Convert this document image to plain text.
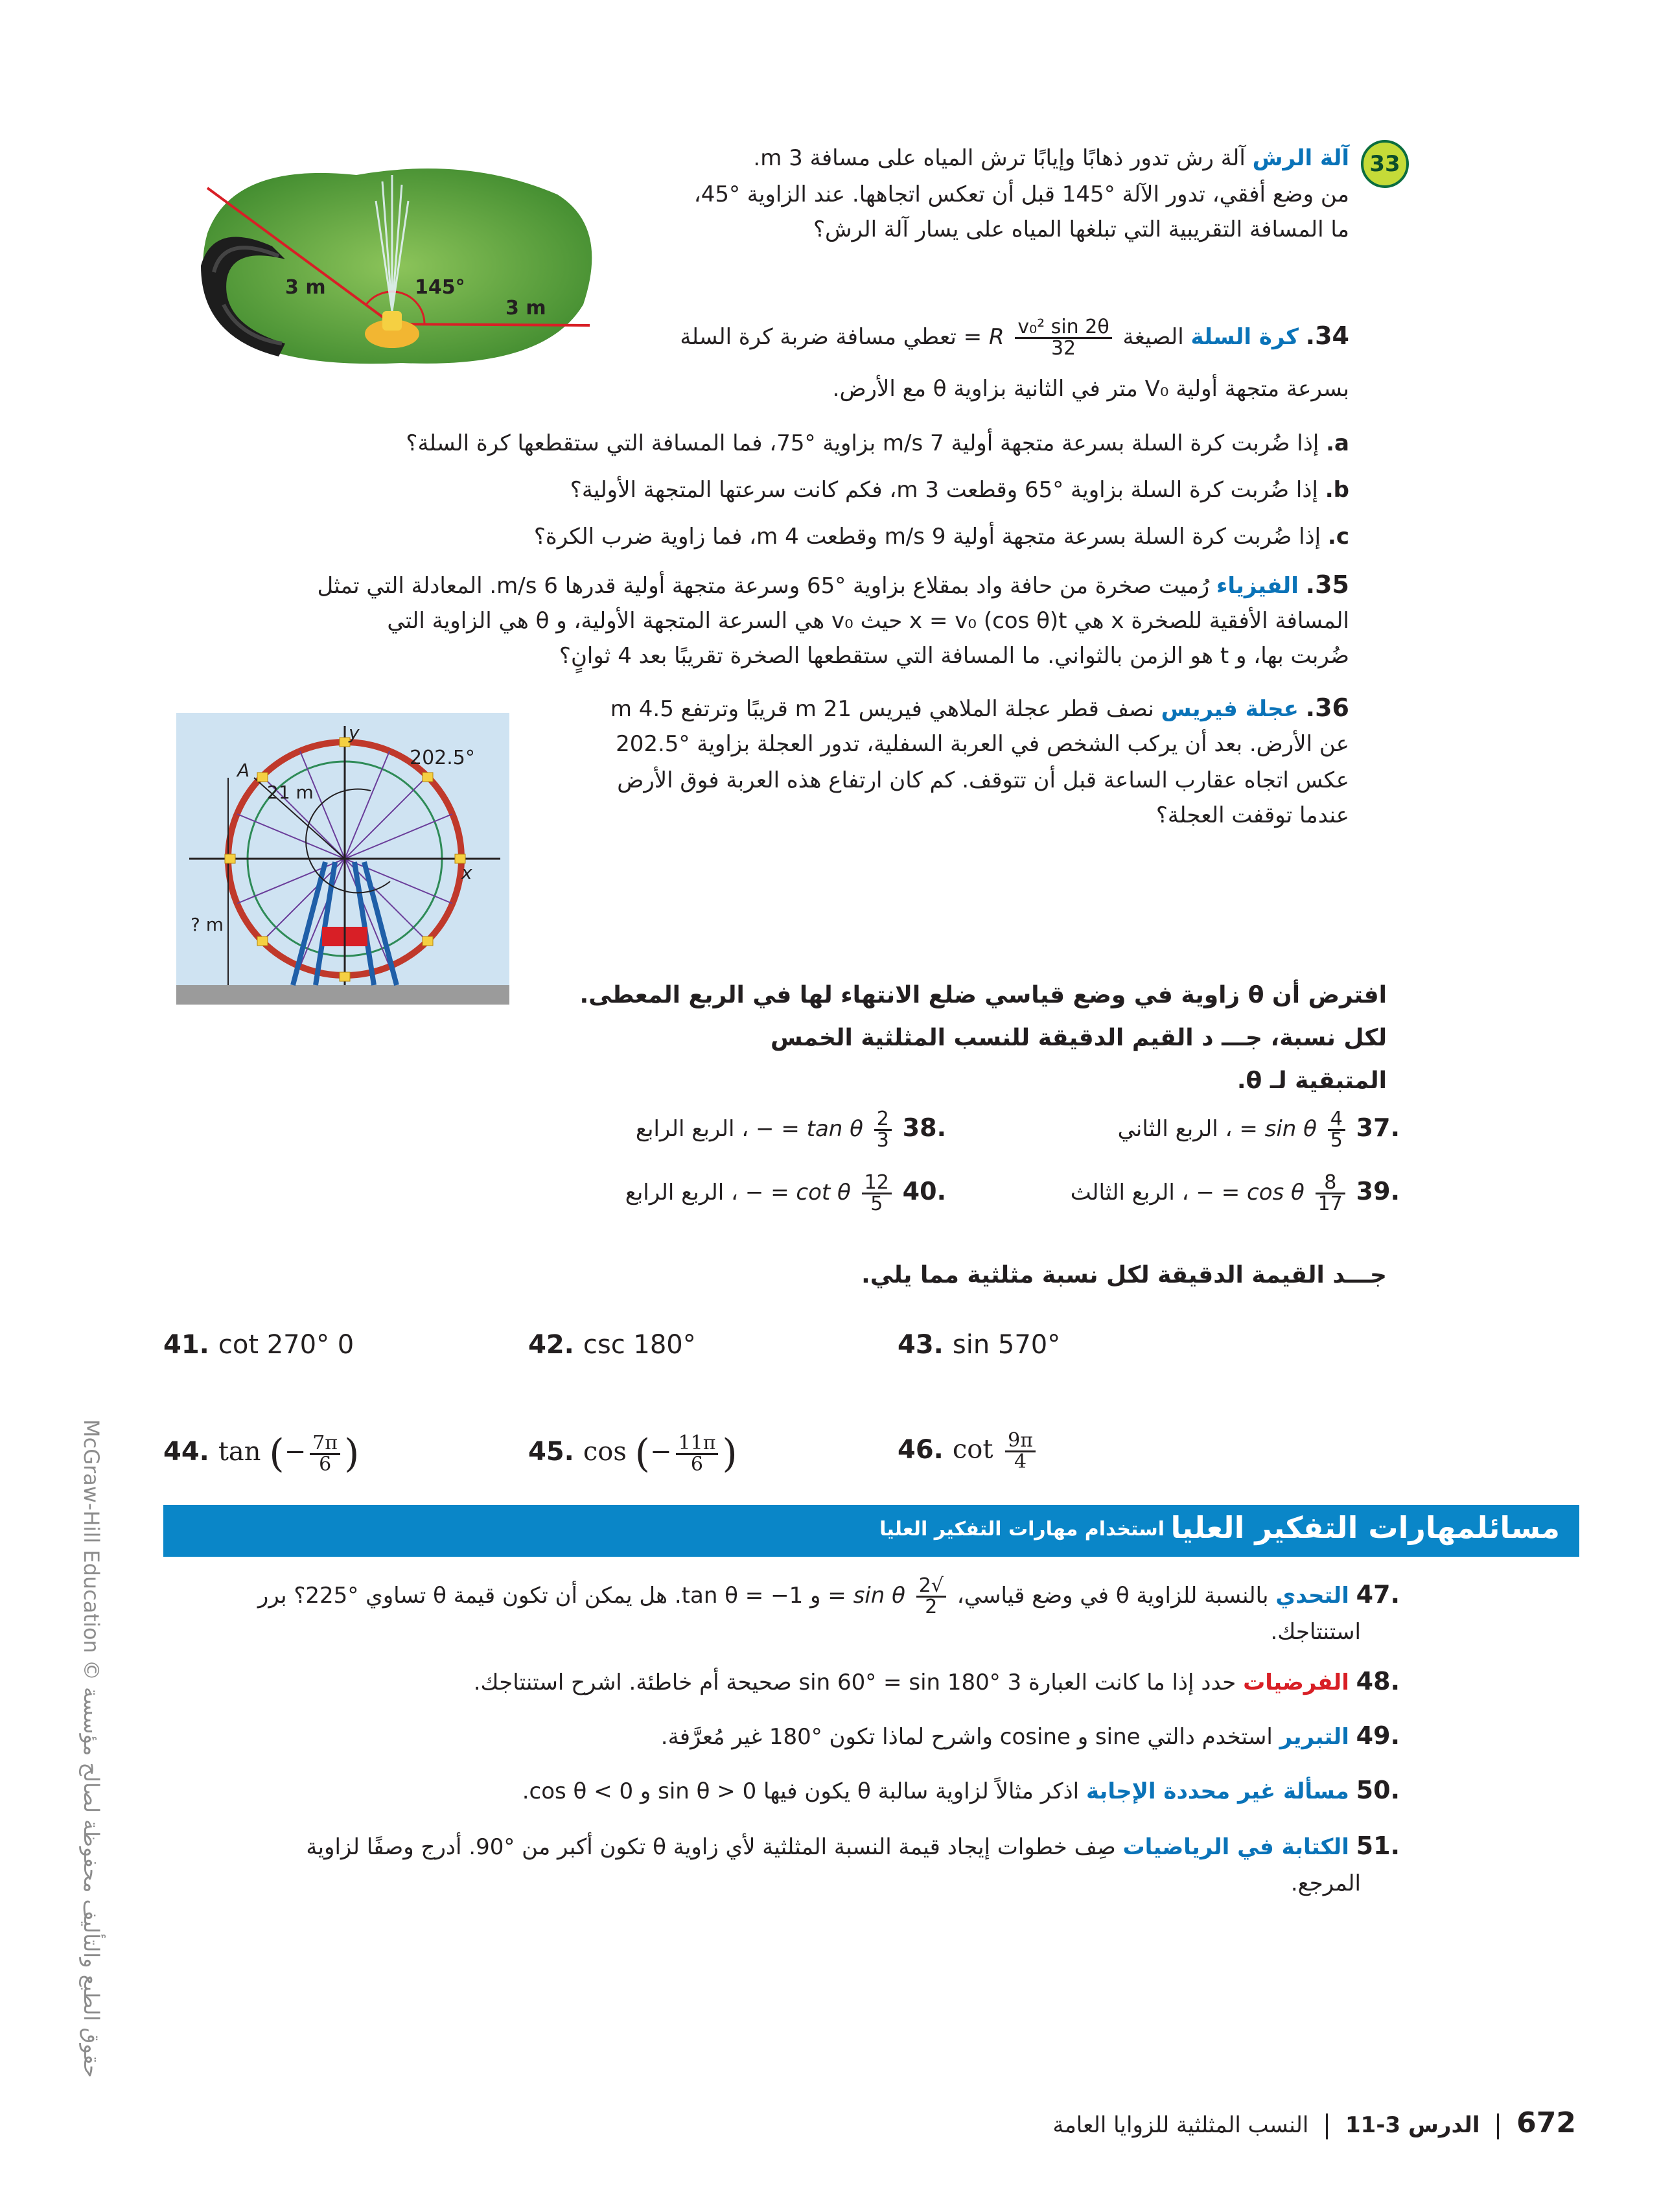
33
آلة الرش آلة رش تدور ذهابًا وإيابًا ترش المياه على مسافة 3 m.
من وضع أفقي، تدور الآلة °145 قبل أن تعكس اتجاهها. عند الزاوية °45،
ما المسافة التقريبية التي تبلغها المياه على يسار آلة الرش؟
3 m	145°
3 m
34. كرة السلة الصيغة
$\frac{\text{v₀² sin 2θ}}{32}$
R = تعطي مسافة ضربة كرة السلة
بسرعة متجهة أولية V₀ متر في الثانية بزاوية θ مع الأرض.
a. إذا ضُربت كرة السلة بسرعة متجهة أولية 7 m/s بزاوية °75، فما المسافة التي ستقطعها كرة السلة؟
b. إذا ضُربت كرة السلة بزاوية °65 وقطعت 3 m، فكم كانت سرعتها المتجهة الأولية؟
c. إذا ضُربت كرة السلة بسرعة متجهة أولية 9 m/s وقطعت 4 m، فما زاوية ضرب الكرة؟
35. الفيزياء رُميت صخرة من حافة واد بمقلاع بزاوية °65 وسرعة متجهة أولية قدرها 6 m/s. المعادلة التي تمثل
المسافة الأفقية للصخرة x هي x = v₀ (cos θ)t حيث v₀ هي السرعة المتجهة الأولية، و θ هي الزاوية التي
ضُربت بها، و t هو الزمن بالثواني. ما المسافة التي ستقطعها الصخرة تقريبًا بعد 4 ثوانٍ؟
36. عجلة فيريس نصف قطر عجلة الملاهي فيريس 21 m قريبًا وترتفع 4.5 m
عن الأرض. بعد أن يركب الشخص في العربة السفلية، تدور العجلة بزاوية °202.5
عكس اتجاه عقارب الساعة قبل أن تتوقف. كم كان ارتفاع هذه العربة فوق الأرض
عندما توقفت العجلة؟
202.5°
21 m
? m
A
x
y
افترض أن θ زاوية في وضع قياسي ضلع الانتهاء لها في الربع المعطى.
لكل نسبة، جـــ د القيم الدقيقة للنسب المثلثية الخمس
المتبقية لـ θ.
.37
$\frac{4}{5}$
sin θ = ، الربع الثاني
.38
$\frac{2}{3}$
tan θ = − ، الربع الرابع
.39
$\frac{8}{17}$
cos θ = − ، الربع الثالث
.40
$\frac{12}{5}$
cot θ = − ، الربع الرابع
جـــد القيمة الدقيقة لكل نسبة مثلثية مما يلي.
41. cot 270° 0	42. csc 180°	43. sin 570°
44. tan (− $\frac{7\pi}{6}$ )	45. cos (− $\frac{11\pi}{6}$ )	46. $\cot \frac{9\pi}{4}$
مسائلمهارات التفكير العليا
استخدام مهارات التفكير العليا
.47 التحدي بالنسبة للزاوية θ في وضع قياسي،
$\frac{√2}{2}$
sin θ = و tan θ = −1. هل يمكن أن تكون قيمة θ تساوي °225؟ برر
استنتاجك.
.48 الفرضيات حدد إذا ما كانت العبارة 3 sin 60° = sin 180° صحيحة أم خاطئة. اشرح استنتاجك.
.49 التبرير استخدم دالتي sine و cosine واشرح لماذا تكون °180 غير مُعرَّفة.
.50 مسألة غير محددة الإجابة اذكر مثالاً لزاوية سالبة θ يكون فيها sin θ > 0 و cos θ < 0.
.51 الكتابة في الرياضيات صِف خطوات إيجاد قيمة النسبة المثلثية لأي زاوية θ تكون أكبر من °90. أدرج وصفًا لزاوية
المرجع.
McGraw-Hill Education © حقوق الطبع والتأليف محفوظة لصالح مؤسسة
672  الدرس 3-11  النسب المثلثية للزوايا العامة
